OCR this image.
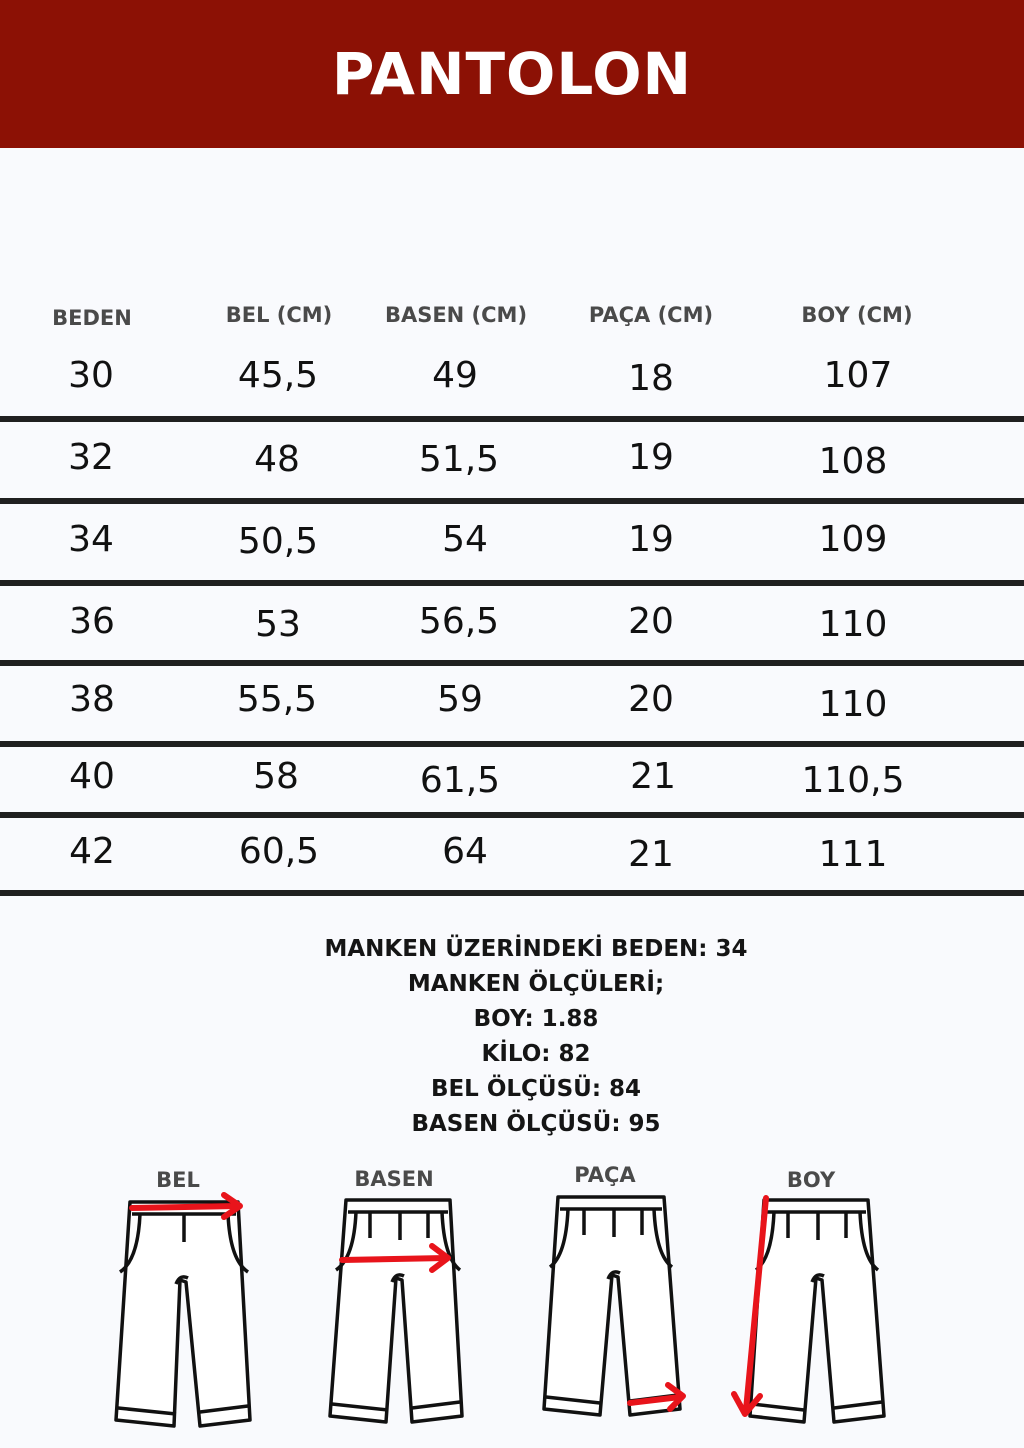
PANTOLON
BEDEN	BEL (CM)	BASEN (CM)	PAÇA (CM)	BOY (CM)
30	45,5	49	18	107
32	48	51,5	19	108
34	50,5	54	19	109
36	53	56,5	20	110
38	55,5	59	20	110
40	58	61,5	21	110,5
42	60,5	64	21	111
MANKEN ÜZERİNDEKİ BEDEN: 34
MANKEN ÖLÇÜLERİ;
BOY: 1.88
KİLO: 82
BEL ÖLÇÜSÜ: 84
BASEN ÖLÇÜSÜ: 95
BEL	BASEN	PAÇA	BOY
